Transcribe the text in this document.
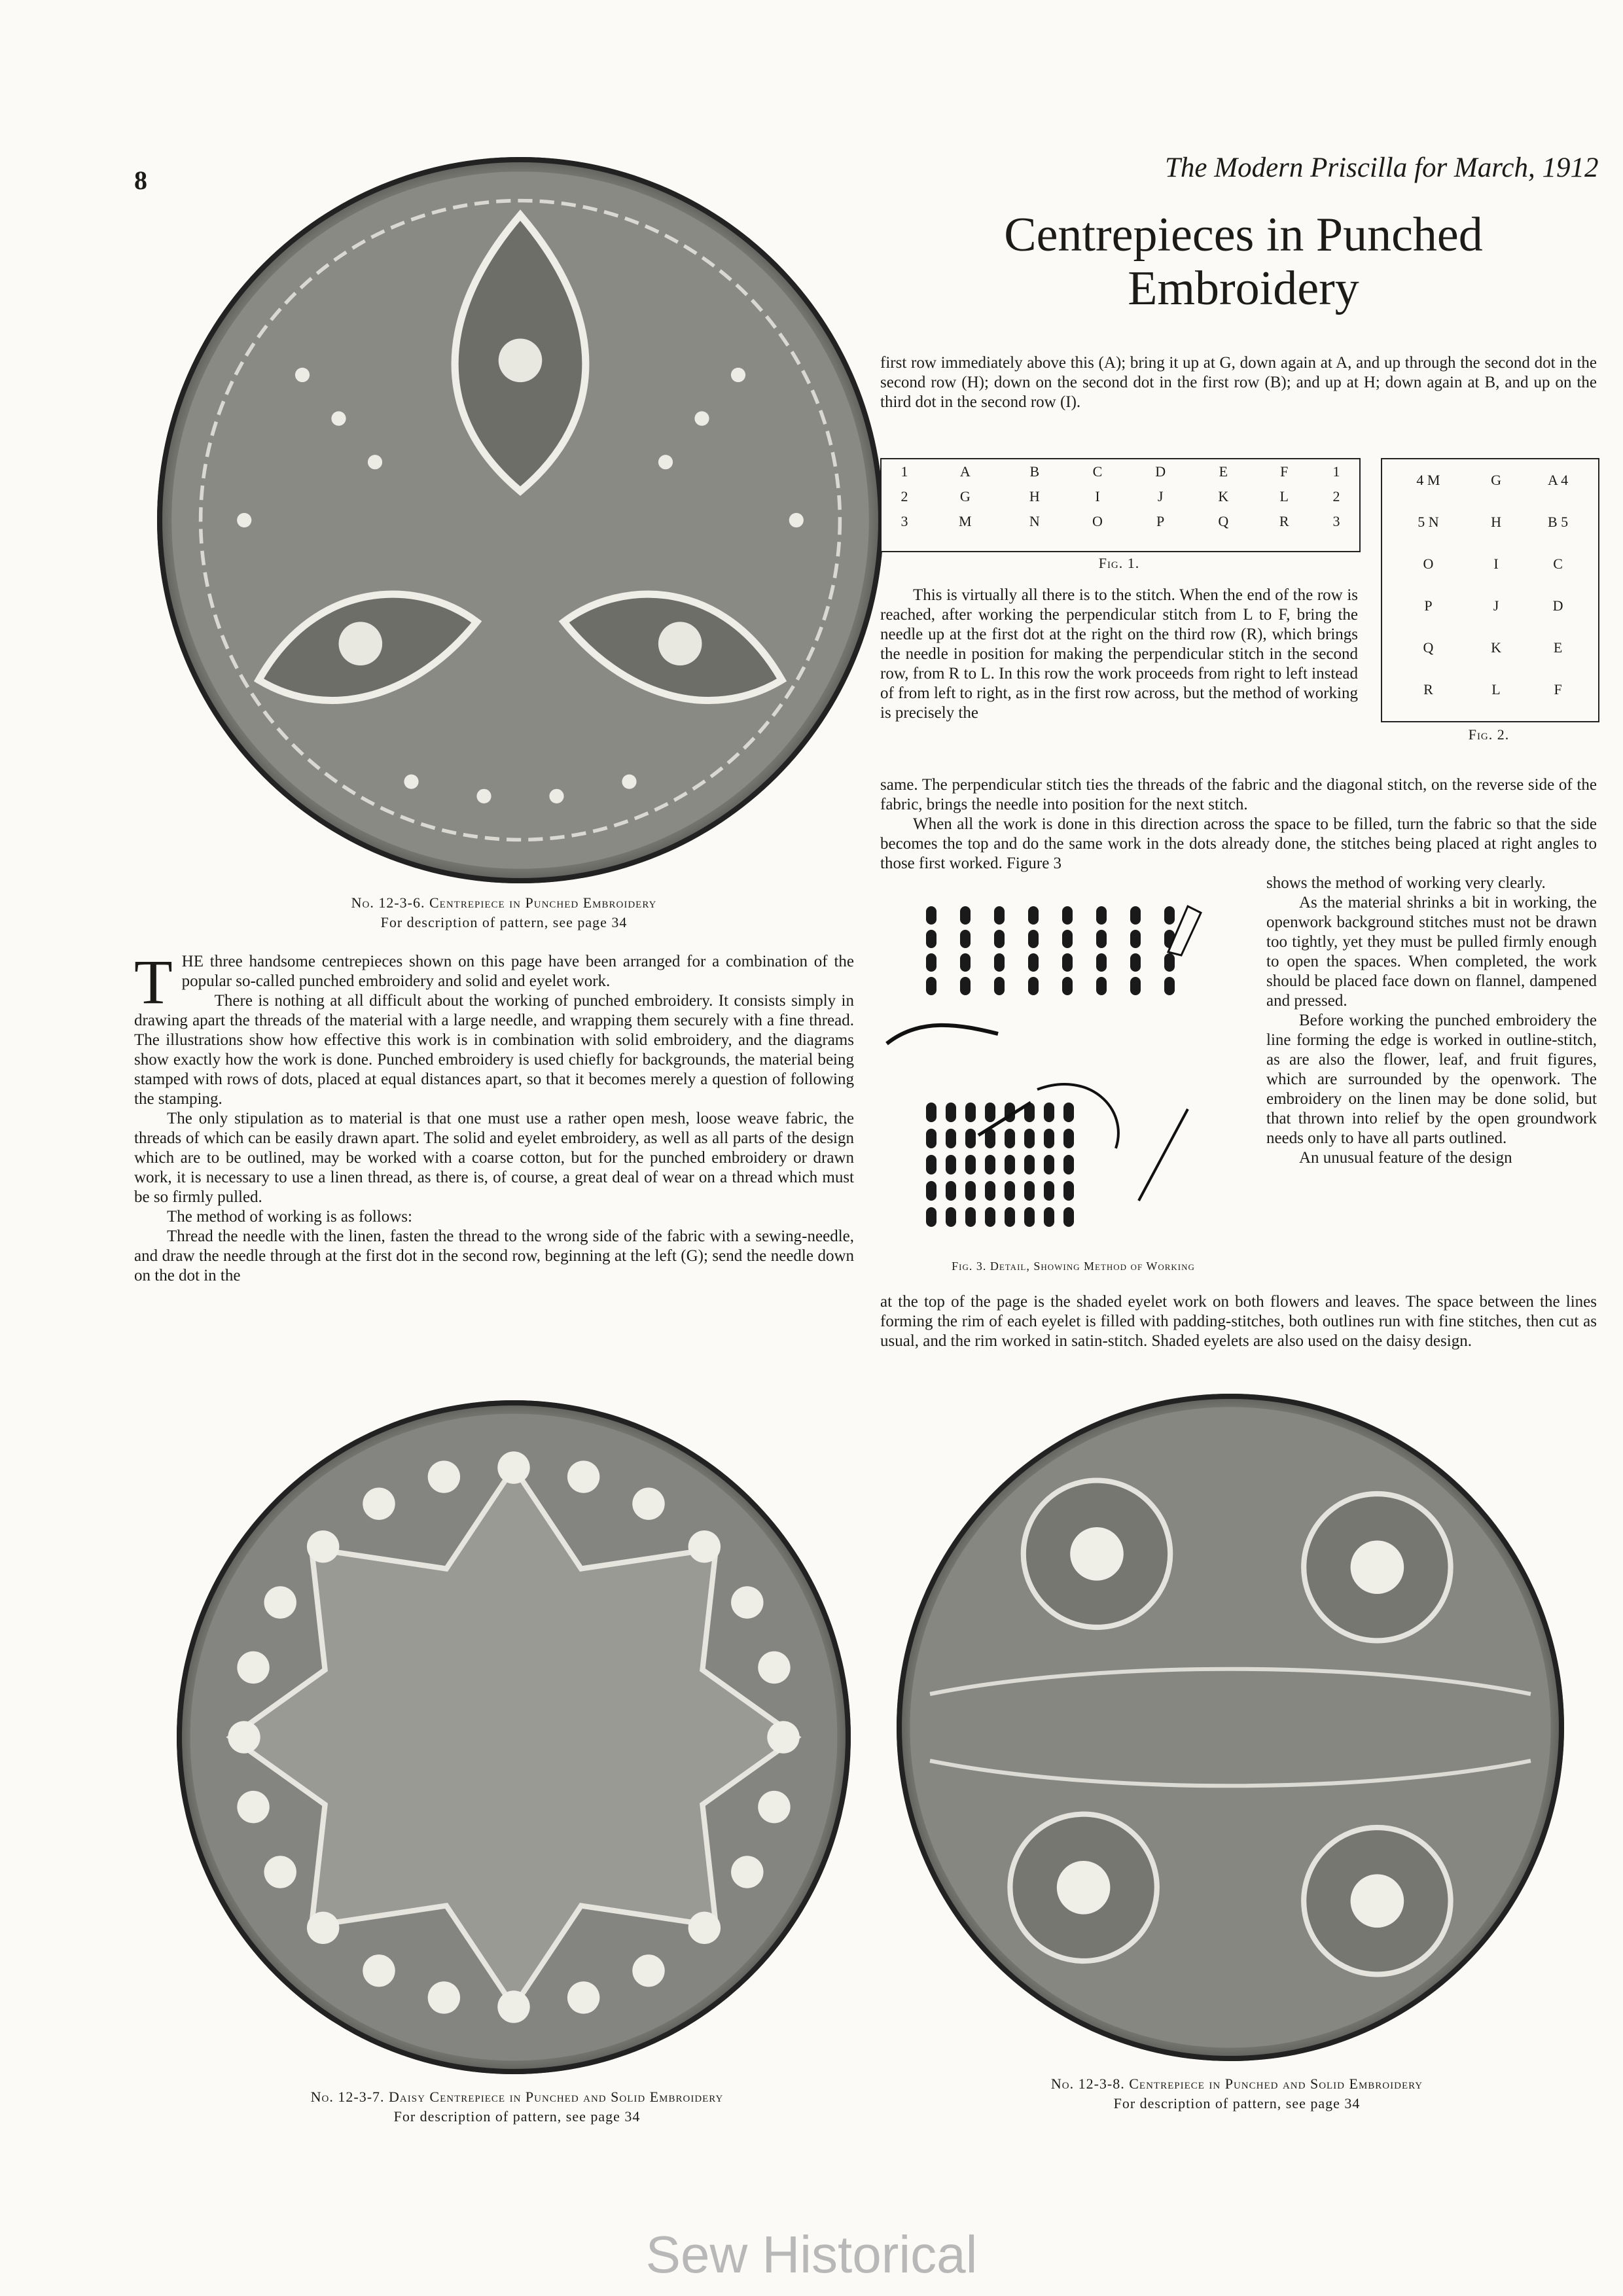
8	The Modern Priscilla for March, 1912
Centrepieces in Punched
Embroidery
No. 12-3-6. Centrepiece in Punched Embroidery
For description of pattern, see page 34

THE three handsome centrepieces shown on this page have been arranged for a combination of the popular so-called punched embroidery and solid and eyelet work.

There is nothing at all difficult about the working of punched embroidery. It consists simply in drawing apart the threads of the material with a large needle, and wrapping them securely with a fine thread. The illustrations show how effective this work is in combination with solid embroidery, and the diagrams show exactly how the work is done. Punched embroidery is used chiefly for backgrounds, the material being stamped with rows of dots, placed at equal distances apart, so that it becomes merely a question of following the stamping.

The only stipulation as to material is that one must use a rather open mesh, loose weave fabric, the threads of which can be easily drawn apart. The solid and eyelet embroidery, as well as all parts of the design which are to be outlined, may be worked with a coarse cotton, but for the punched embroidery or drawn work, it is necessary to use a linen thread, as there is, of course, a great deal of wear on a thread which must be so firmly pulled.

The method of working is as follows:

Thread the needle with the linen, fasten the thread to the wrong side of the fabric with a sewing-needle, and draw the needle through at the first dot in the second row, beginning at the left (G); send the needle down on the dot in the

first row immediately above this (A); bring it up at G, down again at A, and up through the second dot in the second row (H); down on the second dot in the first row (B); and up at H; down again at B, and up on the third dot in the second row (I).

1	A	B	C	D	E	F	1
2	G	H	I	J	K	L	2
3	M	N	O	P	Q	R	3
Fig. 1.
4 M	G	A 4
5 N	H	B 5
O	I	C
P	J	D
Q	K	E
R	L	F
Fig. 2.

This is virtually all there is to the stitch. When the end of the row is reached, after working the perpendicular stitch from L to F, bring the needle up at the first dot at the right on the third row (R), which brings the needle in position for making the perpendicular stitch in the second row, from R to L. In this row the work proceeds from right to left instead of from left to right, as in the first row across, but the method of working is precisely the

same. The perpendicular stitch ties the threads of the fabric and the diagonal stitch, on the reverse side of the fabric, brings the needle into position for the next stitch.

When all the work is done in this direction across the space to be filled, turn the fabric so that the side becomes the top and do the same work in the dots already done, the stitches being placed at right angles to those first worked. Figure 3

Fig. 3. Detail, Showing Method of Working

shows the method of working very clearly.

As the material shrinks a bit in working, the openwork background stitches must not be drawn too tightly, yet they must be pulled firmly enough to open the spaces. When completed, the work should be placed face down on flannel, dampened and pressed.

Before working the punched embroidery the line forming the edge is worked in outline-stitch, as are also the flower, leaf, and fruit figures, which are surrounded by the openwork. The embroidery on the linen may be done solid, but that thrown into relief by the open groundwork needs only to have all parts outlined.

An unusual feature of the design

at the top of the page is the shaded eyelet work on both flowers and leaves. The space between the lines forming the rim of each eyelet is filled with padding-stitches, both outlines run with fine stitches, then cut as usual, and the rim worked in satin-stitch. Shaded eyelets are also used on the daisy design.

No. 12-3-7. Daisy Centrepiece in Punched and Solid Embroidery
For description of pattern, see page 34
No. 12-3-8. Centrepiece in Punched and Solid Embroidery
For description of pattern, see page 34
Sew Historical
